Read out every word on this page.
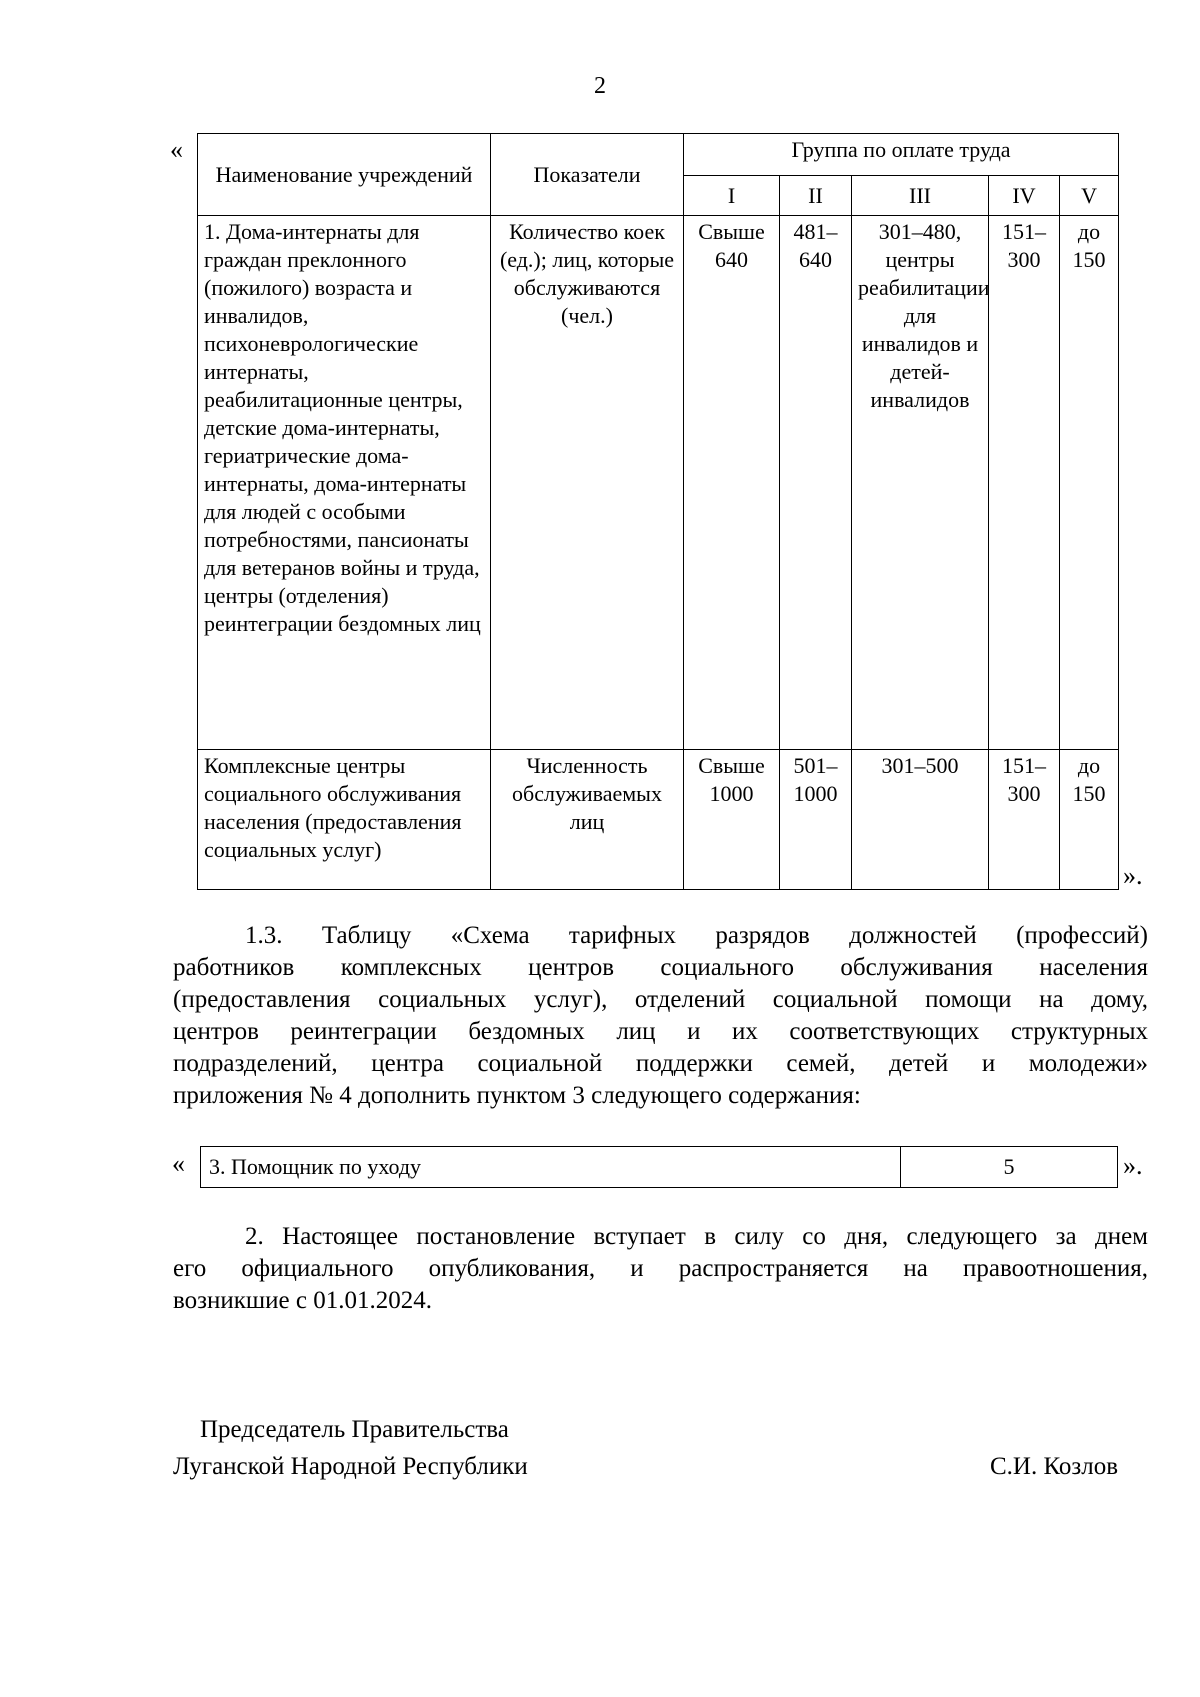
2
«
Наименование учреждений	Показатели	Группа по оплате труда				
		I	II	III	IV	V
1. Дома-интернаты для граждан преклонного (пожилого) возраста и инвалидов, психоневрологические интернаты, реабилитационные центры, детские дома-интернаты, гериатрические дома-интернаты, дома-интернаты для людей с особыми потребностями, пансионаты для ветеранов войны и труда, центры (отделения) реинтеграции бездомных лиц	Количество коек (ед.); лиц, которые обслуживаются (чел.)	Свыше 640	481–640	301–480, центры реабилитации для инвалидов и детей-инвалидов	151–300	до 150
Комплексные центры социального обслуживания населения (предоставления социальных услуг)	Численность обслуживаемых лиц	Свыше 1000	501–1000	301–500	151–300	до 150
».
1.3. Таблицу «Схема тарифных разрядов должностей (профессий)
работников комплексных центров социального обслуживания населения
(предоставления социальных услуг), отделений социальной помощи на дому,
центров реинтеграции бездомных лиц и их соответствующих структурных
подразделений, центра социальной поддержки семей, детей и молодежи»
приложения № 4 дополнить пунктом 3 следующего содержания:
« 3. Помощник по уходу	5	».
2. Настоящее постановление вступает в силу со дня, следующего за днем
его официального опубликования, и распространяется на правоотношения,
возникшие с 01.01.2024.
Председатель Правительства
Луганской Народной Республики	С.И. Козлов
